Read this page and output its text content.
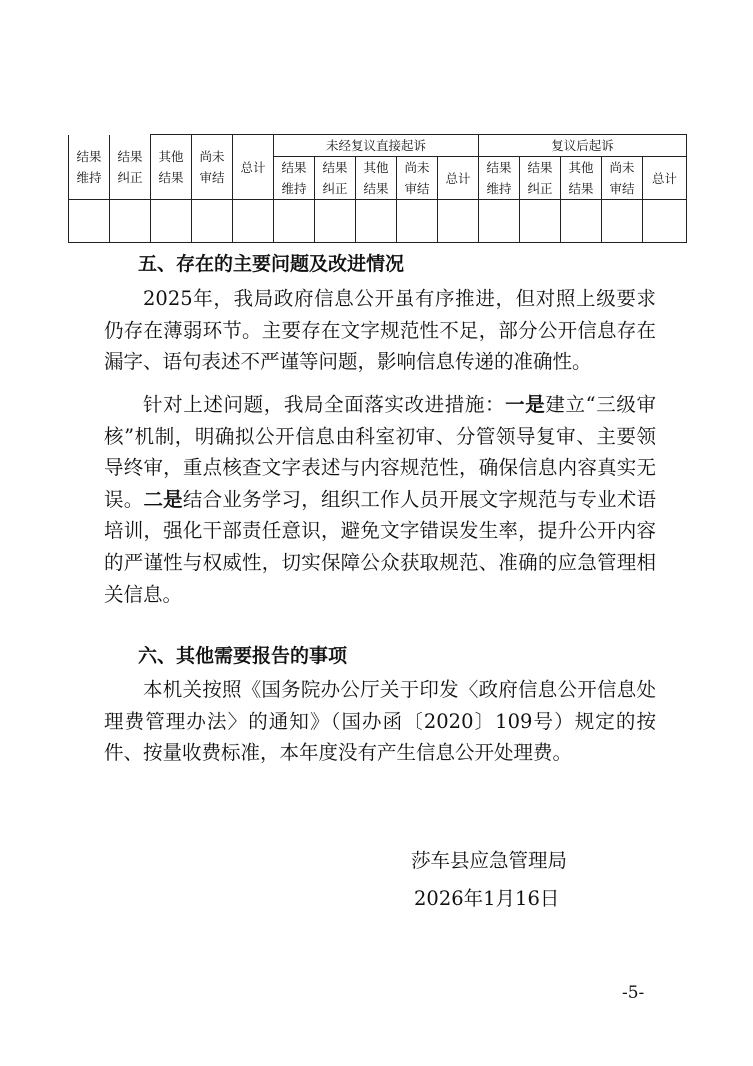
结果维持	结果纠正	其他结果	尚未审结	总计	未经复议直接起诉					复议后起诉				
					结果维持	结果纠正	其他结果	尚未审结	总计	结果维持	结果纠正	其他结果	尚未审结	总计

五、存在的主要问题及改进情况

2025年，我局政府信息公开虽有序推进，但对照上级要求仍存在薄弱环节。主要存在文字规范性不足，部分公开信息存在漏字、语句表述不严谨等问题，影响信息传递的准确性。

针对上述问题，我局全面落实改进措施：一是建立“三级审核”机制，明确拟公开信息由科室初审、分管领导复审、主要领导终审，重点核查文字表述与内容规范性，确保信息内容真实无误。二是结合业务学习，组织工作人员开展文字规范与专业术语培训，强化干部责任意识，避免文字错误发生率，提升公开内容的严谨性与权威性，切实保障公众获取规范、准确的应急管理相关信息。

六、其他需要报告的事项

本机关按照《国务院办公厅关于印发〈政府信息公开信息处理费管理办法〉的通知》（国办函〔2020〕109号）规定的按件、按量收费标准，本年度没有产生信息公开处理费。

莎车县应急管理局

2026年1月16日

-5-
